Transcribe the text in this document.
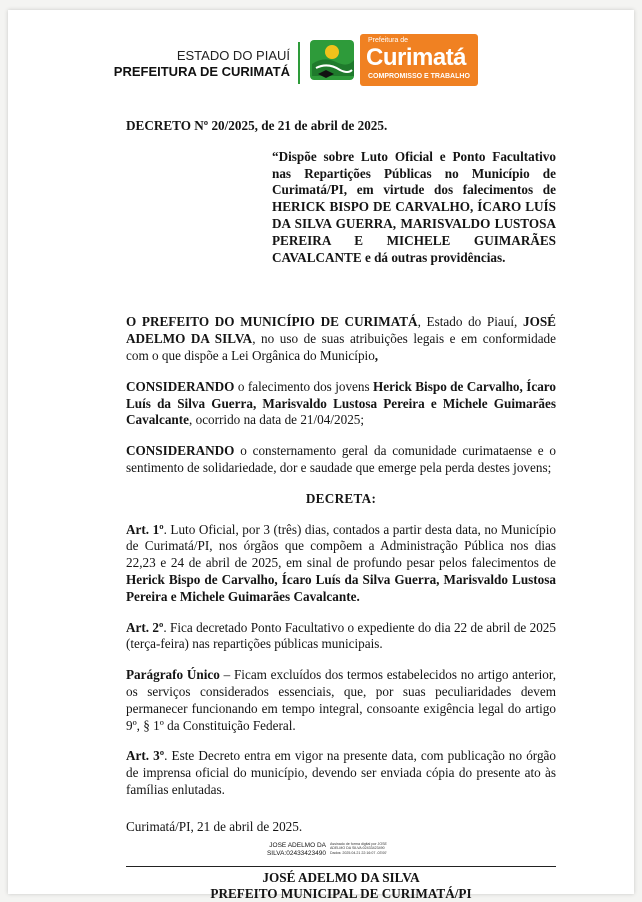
ESTADO DO PIAUÍ
PREFEITURA DE CURIMATÁ
Prefeitura de
Curimatá
COMPROMISSO E TRABALHO

DECRETO Nº 20/2025, de 21 de abril de 2025.

“Dispõe sobre Luto Oficial e Ponto Facultativo nas Repartições Públicas no Município de Curimatá/PI, em virtude dos falecimentos de HERICK BISPO DE CARVALHO, ÍCARO LUÍS DA SILVA GUERRA, MARISVALDO LUSTOSA PEREIRA E MICHELE GUIMARÃES CAVALCANTE e dá outras providências.

O PREFEITO DO MUNICÍPIO DE CURIMATÁ, Estado do Piauí, JOSÉ ADELMO DA SILVA, no uso de suas atribuições legais e em conformidade com o que dispõe a Lei Orgânica do Município,

CONSIDERANDO o falecimento dos jovens Herick Bispo de Carvalho, Ícaro Luís da Silva Guerra, Marisvaldo Lustosa Pereira e Michele Guimarães Cavalcante, ocorrido na data de 21/04/2025;

CONSIDERANDO o consternamento geral da comunidade curimataense e o sentimento de solidariedade, dor e saudade que emerge pela perda destes jovens;

DECRETA:

Art. 1º. Luto Oficial, por 3 (três) dias, contados a partir desta data, no Município de Curimatá/PI, nos órgãos que compõem a Administração Pública nos dias 22,23 e 24 de abril de 2025, em sinal de profundo pesar pelos falecimentos de Herick Bispo de Carvalho, Ícaro Luís da Silva Guerra, Marisvaldo Lustosa Pereira e Michele Guimarães Cavalcante.

Art. 2º. Fica decretado Ponto Facultativo o expediente do dia 22 de abril de 2025 (terça-feira) nas repartições públicas municipais.

Parágrafo Único – Ficam excluídos dos termos estabelecidos no artigo anterior, os serviços considerados essenciais, que, por suas peculiaridades devem permanecer funcionando em tempo integral, consoante exigência legal do artigo 9º, § 1º da Constituição Federal.

Art. 3º. Este Decreto entra em vigor na presente data, com publicação no órgão de imprensa oficial do município, devendo ser enviada cópia do presente ato às famílias enlutadas.

Curimatá/PI, 21 de abril de 2025.

JOSE ADELMO DA
SILVA:02433423490
Assinado de forma digital por JOSE
ADELMO DA SILVA:02433423490
Dados: 2025.04.21 22:16:07 -03'00'
JOSÉ ADELMO DA SILVA
PREFEITO MUNICIPAL DE CURIMATÁ/PI
